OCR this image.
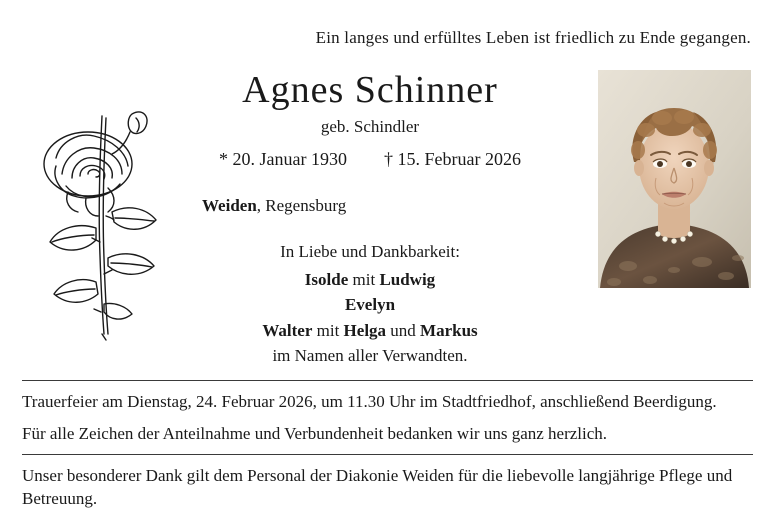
Ein langes und erfülltes Leben ist friedlich zu Ende gegangen.
Agnes Schinner
geb. Schindler
* 20. Januar 1930 † 15. Februar 2026
Weiden, Regensburg
In Liebe und Dankbarkeit:
Isolde mit Ludwig
Evelyn
Walter mit Helga und Markus
im Namen aller Verwandten.

Trauerfeier am Dienstag, 24. Februar 2026, um 11.30 Uhr im Stadtfriedhof, anschließend Beerdigung.

Für alle Zeichen der Anteilnahme und Verbundenheit bedanken wir uns ganz herzlich.

Unser besonderer Dank gilt dem Personal der Diakonie Weiden für die liebevolle langjährige Pflege und Betreuung.
